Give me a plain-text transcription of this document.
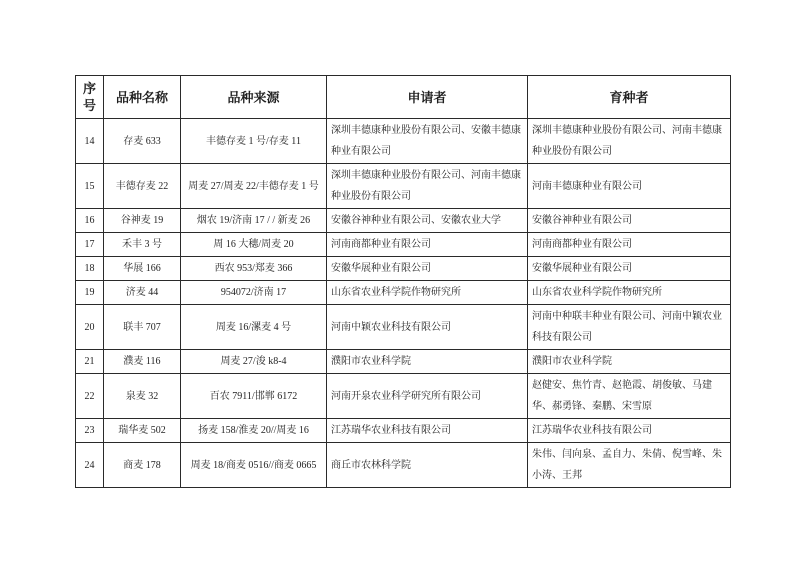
序号	品种名称	品种来源	申请者	育种者
14	存麦 633	丰德存麦 1 号/存麦 11	深圳丰德康种业股份有限公司、安徽丰德康种业有限公司	深圳丰德康种业股份有限公司、河南丰德康种业股份有限公司
15	丰德存麦 22	周麦 27/周麦 22/丰德存麦 1 号	深圳丰德康种业股份有限公司、河南丰德康种业股份有限公司	河南丰德康种业有限公司
16	谷神麦 19	烟农 19/济南 17 / / 新麦 26	安徽谷神种业有限公司、安徽农业大学	安徽谷神种业有限公司
17	禾丰 3 号	周 16 大穗/周麦 20	河南商都种业有限公司	河南商都种业有限公司
18	华展 166	西农 953/郑麦 366	安徽华展种业有限公司	安徽华展种业有限公司
19	济麦 44	954072/济南 17	山东省农业科学院作物研究所	山东省农业科学院作物研究所
20	联丰 707	周麦 16/漯麦 4 号	河南中颖农业科技有限公司	河南中种联丰种业有限公司、河南中颖农业科技有限公司
21	濮麦 116	周麦 27/浚 k8-4	濮阳市农业科学院	濮阳市农业科学院
22	泉麦 32	百农 7911/邯郸 6172	河南开泉农业科学研究所有限公司	赵健安、焦竹青、赵艳霞、胡俊敏、马建华、郝勇锋、秦鹏、宋雪原
23	瑞华麦 502	扬麦 158/淮麦 20//周麦 16	江苏瑞华农业科技有限公司	江苏瑞华农业科技有限公司
24	商麦 178	周麦 18/商麦 0516//商麦 0665	商丘市农林科学院	朱伟、闫向泉、孟自力、朱倩、倪雪峰、朱小涛、王邦
